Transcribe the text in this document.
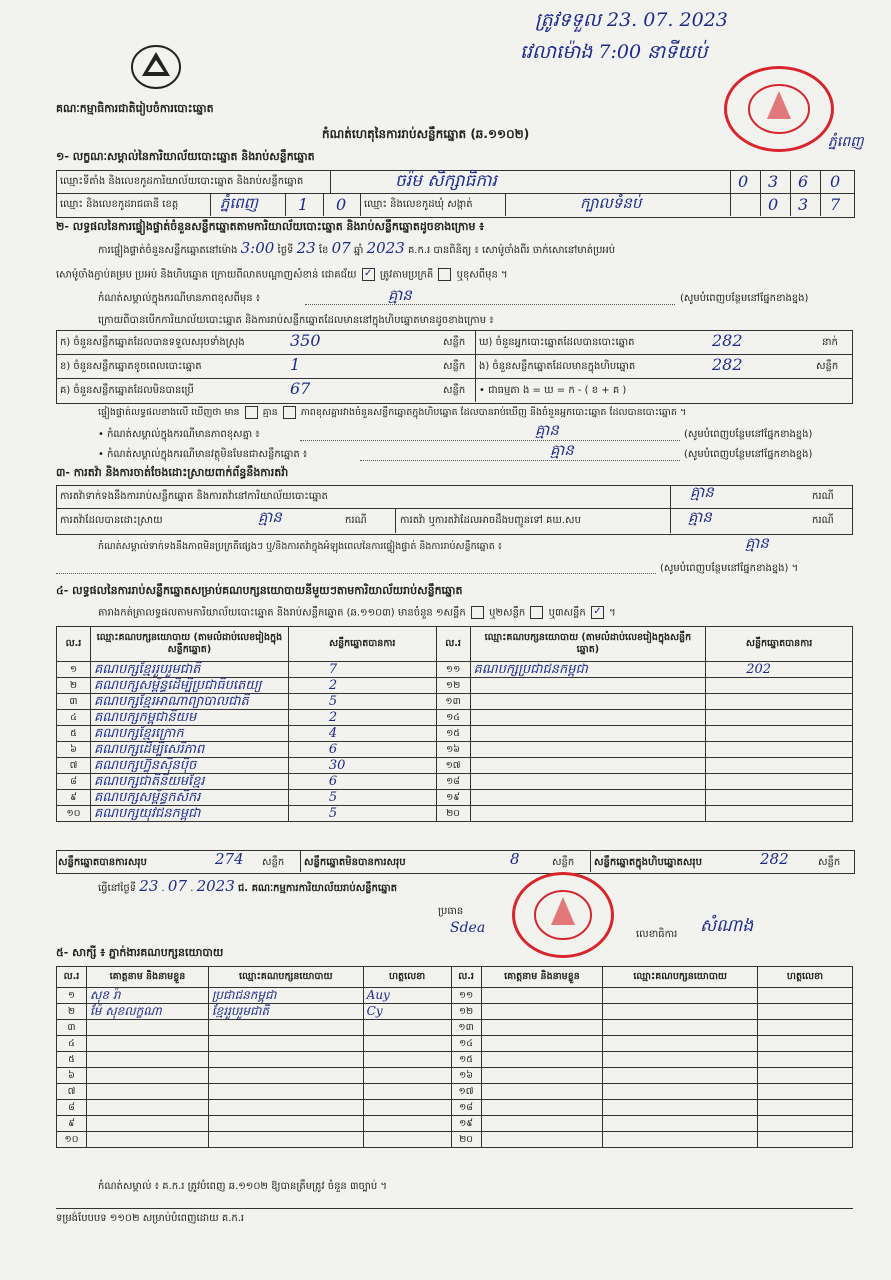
ត្រូវទទួល 23. 07. 2023
វេលាម៉ោង 7:00 នាទីយប់
គណៈកម្មាធិការជាតិរៀបចំការបោះឆ្នោត
ភ្នំពេញ
កំណត់ហេតុនៃការរាប់សន្លឹកឆ្នោត (ឆ.១១០២)
១- លក្ខណៈសម្គាល់នៃការិយាល័យបោះឆ្នោត និងរាប់សន្លឹកឆ្នោត
ឈ្មោះទីតាំង និងលេខកូដការិយាល័យបោះឆ្នោត និងរាប់សន្លឹកឆ្នោត	ចរ៉ម សិក្សាធិការ	0 3 6 0
ឈ្មោះ និងលេខកូដរាជធានី ខេត្ត	ភ្នំពេញ 1 0 ឈ្មោះ និងលេខកូដឃុំ សង្កាត់	ក្បាលទំនប់	0 3 7
២- លទ្ធផលនៃការផ្ទៀងផ្ទាត់ចំនួនសន្លឹកឆ្នោតតាមការិយាល័យបោះឆ្នោត និងរាប់សន្លឹកឆ្នោតដូចខាងក្រោម ៖
ការផ្ទៀងផ្ទាត់ចំនួនសន្លឹកឆ្នោតនៅម៉ោង 3:00 ថ្ងៃទី 23 ខែ 07 ឆ្នាំ 2023 គ.ក.រ បានពិនិត្យ ៖ សោម៉ូចាំងពីរ ចាក់សោនៅមាត់ប្រអប់
សោម៉ូចាំងភ្ជាប់គម្រប ប្រអប់ និងហិបឆ្នោត ក្រោយពីលាតបណ្ដាញសំខាន់ ជោគជ័យ ✓ ត្រូវតាមប្រក្រតី ឬខុសពីមុន ។
កំណត់សម្គាល់ក្នុងករណីមានភាពខុសពីមុន ៖	គ្មាន	(សូមបំពេញបន្ថែមនៅផ្នែកខាងខ្នង)
ក្រោយពីបានបើកការិយាល័យបោះឆ្នោត និងការរាប់សន្លឹកឆ្នោតដែលមាននៅក្នុងហិបឆ្នោតមានដូចខាងក្រោម ៖
ក) ចំនួនសន្លឹកឆ្នោតដែលបានទទួលសរុបទាំងស្រុង	350	សន្លឹក ឃ) ចំនួនអ្នកបោះឆ្នោតដែលបានបោះឆ្នោត	282	នាក់
ខ) ចំនួនសន្លឹកឆ្នោតខូចពេលបោះឆ្នោត	1	សន្លឹក ង) ចំនួនសន្លឹកឆ្នោតដែលមានក្នុងហិបឆ្នោត	282	សន្លឹក
គ) ចំនួនសន្លឹកឆ្នោតដែលមិនបានប្រើ	67	សន្លឹក • ជាធម្មតា ង = ឃ = ក - ( ខ + គ )
ផ្ទៀងផ្ទាត់លទ្ធផលខាងលើ ឃើញថា មាន គ្មាន ភាពខុសគ្នារវាងចំនួនសន្លឹកឆ្នោតក្នុងហិបឆ្នោត ដែលបានរាប់ឃើញ និងចំនួនអ្នកបោះឆ្នោត ដែលបានបោះឆ្នោត ។
• កំណត់សម្គាល់ក្នុងករណីមានភាពខុសគ្នា ៖	គ្មាន	(សូមបំពេញបន្ថែមនៅផ្នែកខាងខ្នង)
• កំណត់សម្គាល់ក្នុងករណីមានវត្ថុមិនមែនជាសន្លឹកឆ្នោត ៖	គ្មាន	(សូមបំពេញបន្ថែមនៅផ្នែកខាងខ្នង)
៣- ការតវ៉ា និងការចាត់ចែងដោះស្រាយពាក់ព័ន្ធនឹងការតវ៉ា
ការតវ៉ាទាក់ទងនឹងការរាប់សន្លឹកឆ្នោត និងការតវ៉ានៅការិយាល័យបោះឆ្នោត	គ្មាន	ករណី
ការតវ៉ាដែលបានដោះស្រាយ	គ្មាន	ករណី	ការតវ៉ា ឬការតវ៉ាដែលអាចដឹងបញ្ជូនទៅ គឃ.សប	គ្មាន	ករណី
កំណត់សម្គាល់ទាក់ទងនឹងភាពមិនប្រក្រតីផ្សេងៗ ឬ/និងការតវ៉ាក្នុងអំឡុងពេលនៃការផ្ទៀងផ្ទាត់ និងការរាប់សន្លឹកឆ្នោត ៖	គ្មាន
(សូមបំពេញបន្ថែមនៅផ្នែកខាងខ្នង) ។
៤- លទ្ធផលនៃការរាប់សន្លឹកឆ្នោតសម្រាប់គណបក្សនយោបាយនីមួយៗតាមការិយាល័យរាប់សន្លឹកឆ្នោត
តារាងកត់ត្រាលទ្ធផលតាមការិយាល័យបោះឆ្នោត និងរាប់សន្លឹកឆ្នោត (ឆ.១១០៣) មានចំនួន ១សន្លឹក ឬ២សន្លឹក ឬ៣សន្លឹក ✓ ។
ល.រ	ឈ្មោះគណបក្សនយោបាយ (តាមលំដាប់លេខរៀងក្នុងសន្លឹកឆ្នោត)	សន្លឹកឆ្នោតបានការ	ល.រ	ឈ្មោះគណបក្សនយោបាយ (តាមលំដាប់លេខរៀងក្នុងសន្លឹកឆ្នោត)	សន្លឹកឆ្នោតបានការ
១	គណបក្សខ្មែររួបរួមជាតិ	7	១១	គណបក្សប្រជាជនកម្ពុជា	202
២	គណបក្សសម្ព័ន្ធដើម្បីប្រជាធិបតេយ្យ	2	១២		
៣	គណបក្សខ្មែរអាណាព្យាបាលជាតិ	5	១៣		
៤	គណបក្សកម្ពុជានិយម	2	១៤		
៥	គណបក្សខ្មែរក្រោក	4	១៥		
៦	គណបក្សដើម្បីសេរីភាព	6	១៦		
៧	គណបក្សហ៊្វុនស៊ិនប៉ិច	30	១៧		
៨	គណបក្សជាតិនិយមខ្មែរ	6	១៨		
៩	គណបក្សសម្ព័ន្ធកសិករ	5	១៩		
១០	គណបក្សយុវជនកម្ពុជា	5	២០		
សន្លឹកឆ្នោតបានការសរុប	274 សន្លឹក សន្លឹកឆ្នោតមិនបានការសរុប	8	សន្លឹក សន្លឹកឆ្នោតក្នុងហិបឆ្នោតសរុប	282	សន្លឹក
ធ្វើនៅថ្ងៃទី 23 . 07 . 2023 ជ. គណៈកម្មការការិយាល័យរាប់សន្លឹកឆ្នោត
ប្រធាន
Sdea	លេខាធិការ សំណាង
៥- សាក្សី ៖ ភ្នាក់ងារគណបក្សនយោបាយ
ល.រ	គោត្តនាម និងនាមខ្លួន	ឈ្មោះគណបក្សនយោបាយ	ហត្ថលេខា	ល.រ	គោត្តនាម និងនាមខ្លួន	ឈ្មោះគណបក្សនយោបាយ	ហត្ថលេខា
១	សុខ រ៉ា	ប្រជាជនកម្ពុជា	Auy	១១			
២	ម៉ែ សុខលក្ខណា	ខ្មែររួបរួមជាតិ	Cy	១២			
៣				១៣			
៤				១៤			
៥				១៥			
៦				១៦			
៧				១៧			
៨				១៨			
៩				១៩			
១០				២០			
កំណត់សម្គាល់ ៖ គ.ក.រ ត្រូវបំពេញ ឆ.១១០២ ឱ្យបានត្រឹមត្រូវ ចំនួន ៣ច្បាប់ ។
ទម្រង់បែបបទ ១១០២ សម្រាប់បំពេញដោយ គ.ក.រ
